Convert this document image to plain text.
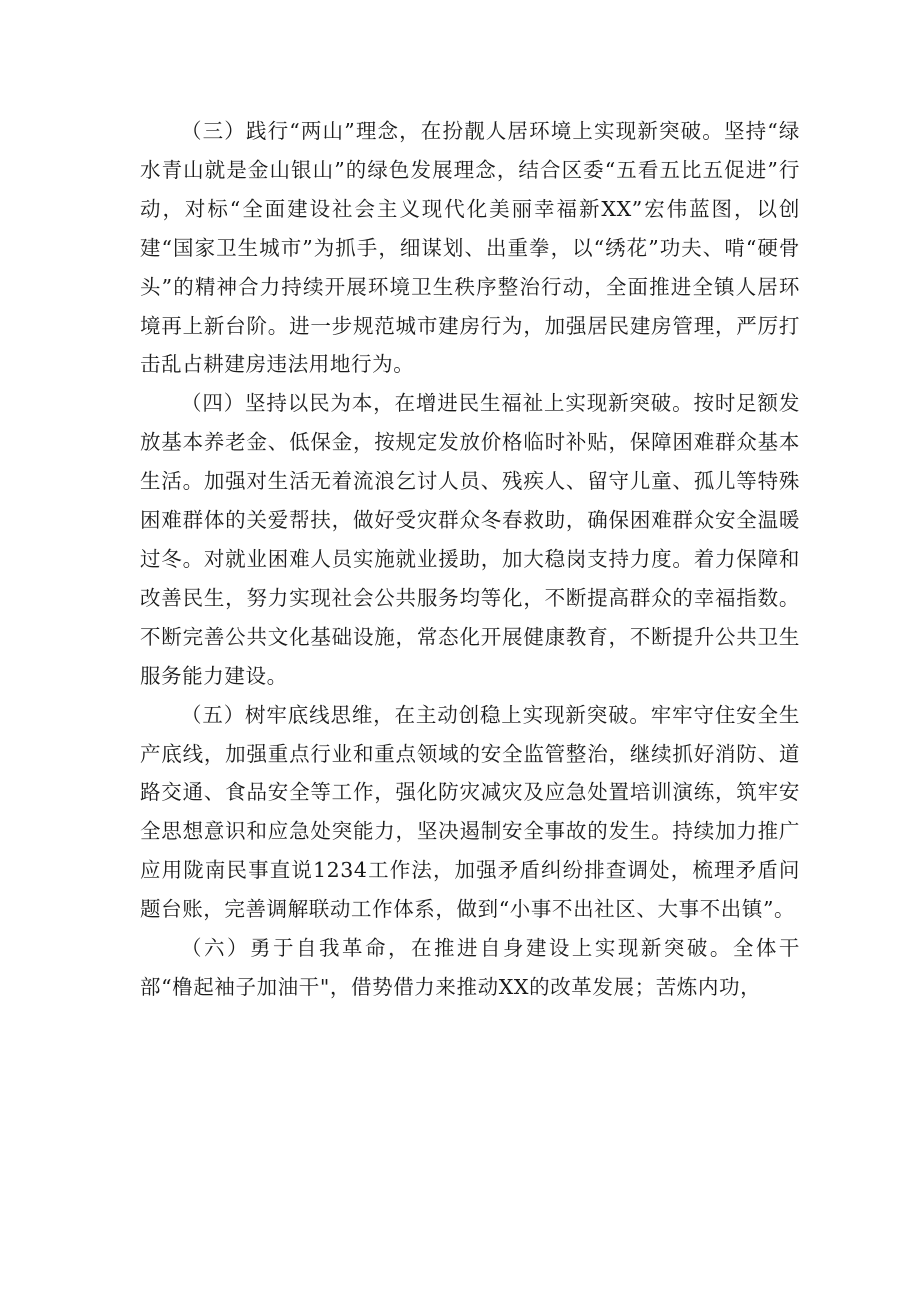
（三）践行“两山”理念，在扮靓人居环境上实现新突破。坚持“绿水青山就是金山银山”的绿色发展理念，结合区委“五看五比五促进”行动，对标“全面建设社会主义现代化美丽幸福新XX”宏伟蓝图，以创建“国家卫生城市”为抓手，细谋划、出重拳，以“绣花”功夫、啃“硬骨头”的精神合力持续开展环境卫生秩序整治行动，全面推进全镇人居环境再上新台阶。进一步规范城市建房行为，加强居民建房管理，严厉打击乱占耕建房违法用地行为。

（四）坚持以民为本，在增进民生福祉上实现新突破。按时足额发放基本养老金、低保金，按规定发放价格临时补贴，保障困难群众基本生活。加强对生活无着流浪乞讨人员、残疾人、留守儿童、孤儿等特殊困难群体的关爱帮扶，做好受灾群众冬春救助，确保困难群众安全温暖过冬。对就业困难人员实施就业援助，加大稳岗支持力度。着力保障和改善民生，努力实现社会公共服务均等化，不断提高群众的幸福指数。不断完善公共文化基础设施，常态化开展健康教育，不断提升公共卫生服务能力建设。

（五）树牢底线思维，在主动创稳上实现新突破。牢牢守住安全生产底线，加强重点行业和重点领域的安全监管整治，继续抓好消防、道路交通、食品安全等工作，强化防灾减灾及应急处置培训演练，筑牢安全思想意识和应急处突能力，坚决遏制安全事故的发生。持续加力推广应用陇南民事直说1234工作法，加强矛盾纠纷排查调处，梳理矛盾问题台账，完善调解联动工作体系，做到“小事不出社区、大事不出镇”。

（六）勇于自我革命，在推进自身建设上实现新突破。全体干部“橹起袖子加油干"，借势借力来推动XX的改革发展；苦炼内功，
